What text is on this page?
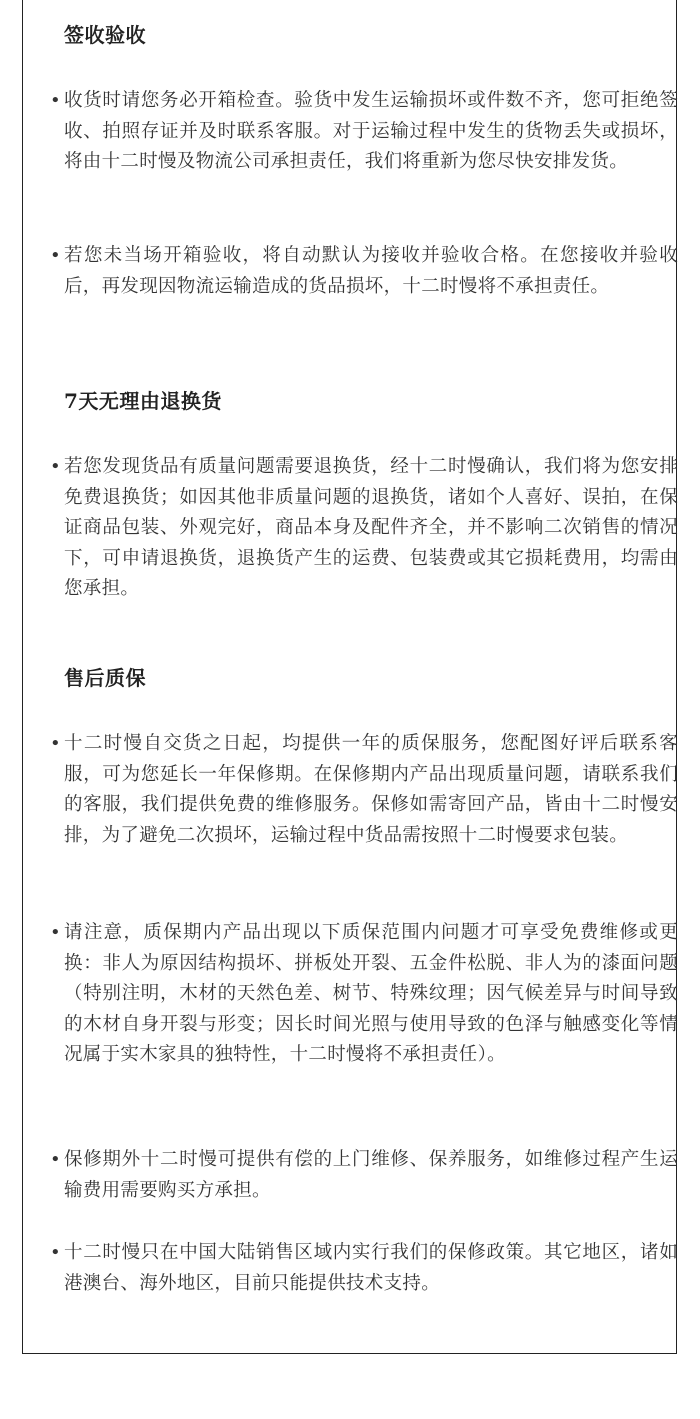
签收验收
• 收货时请您务必开箱检查。验货中发生运输损坏或件数不齐，您可拒绝签收、拍照存证并及时联系客服。对于运输过程中发生的货物丢失或损坏，将由十二时慢及物流公司承担责任，我们将重新为您尽快安排发货。
• 若您未当场开箱验收，将自动默认为接收并验收合格。在您接收并验收后，再发现因物流运输造成的货品损坏，十二时慢将不承担责任。
7天无理由退换货
• 若您发现货品有质量问题需要退换货，经十二时慢确认，我们将为您安排免费退换货；如因其他非质量问题的退换货，诸如个人喜好、误拍，在保证商品包装、外观完好，商品本身及配件齐全，并不影响二次销售的情况下，可申请退换货，退换货产生的运费、包装费或其它损耗费用，均需由您承担。
售后质保
• 十二时慢自交货之日起，均提供一年的质保服务，您配图好评后联系客服，可为您延长一年保修期。在保修期内产品出现质量问题，请联系我们的客服，我们提供免费的维修服务。保修如需寄回产品，皆由十二时慢安排，为了避免二次损坏，运输过程中货品需按照十二时慢要求包装。
• 请注意，质保期内产品出现以下质保范围内问题才可享受免费维修或更换：非人为原因结构损坏、拼板处开裂、五金件松脱、非人为的漆面问题（特别注明，木材的天然色差、树节、特殊纹理；因气候差异与时间导致的木材自身开裂与形变；因长时间光照与使用导致的色泽与触感变化等情况属于实木家具的独特性，十二时慢将不承担责任）。
• 保修期外十二时慢可提供有偿的上门维修、保养服务，如维修过程产生运输费用需要购买方承担。
• 十二时慢只在中国大陆销售区域内实行我们的保修政策。其它地区，诸如港澳台、海外地区，目前只能提供技术支持。
